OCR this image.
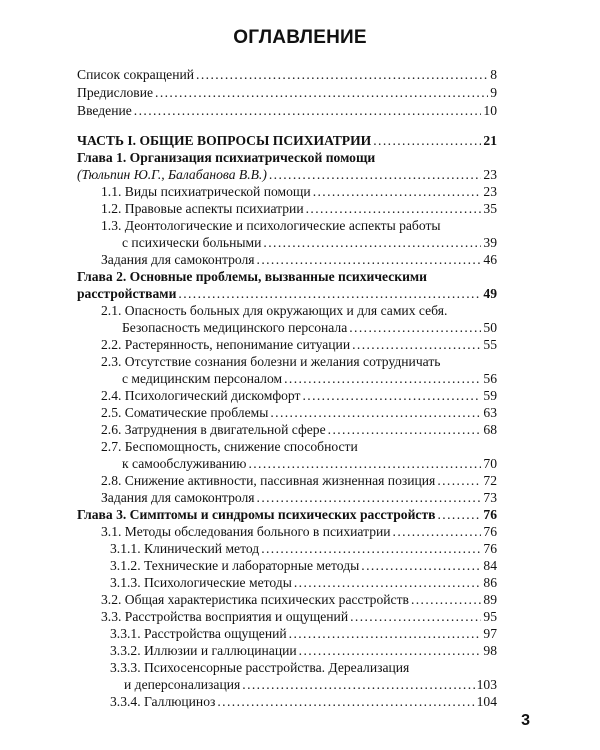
ОГЛАВЛЕНИЕ
Список сокращений . . .	8
Предисловие . . .	9
Введение . . .	10
ЧАСТЬ I. ОБЩИЕ ВОПРОСЫ ПСИХИАТРИИ . . .	21
Глава 1. Организация психиатрической помощи
(Тюльпин Ю.Г., Балабанова В.В.) . . .	23
1.1. Виды психиатрической помощи . . .	23
1.2. Правовые аспекты психиатрии . . .	35
1.3. Деонтологические и психологические аспекты работы
с психически больными . . .	39
Задания для самоконтроля . . .	46
Глава 2. Основные проблемы, вызванные психическими
расстройствами . . .	49
2.1. Опасность больных для окружающих и для самих себя.
Безопасность медицинского персонала . . .	50
2.2. Растерянность, непонимание ситуации . . .	55
2.3. Отсутствие сознания болезни и желания сотрудничать
с медицинским персоналом . . .	56
2.4. Психологический дискомфорт . . .	59
2.5. Соматические проблемы . . .	63
2.6. Затруднения в двигательной сфере . . .	68
2.7. Беспомощность, снижение способности
к самообслуживанию . . .	70
2.8. Снижение активности, пассивная жизненная позиция . . .	72
Задания для самоконтроля . . .	73
Глава 3. Симптомы и синдромы психических расстройств . . .	76
3.1. Методы обследования больного в психиатрии . . .	76
3.1.1. Клинический метод . . .	76
3.1.2. Технические и лабораторные методы . . .	84
3.1.3. Психологические методы . . .	86
3.2. Общая характеристика психических расстройств . . .	89
3.3. Расстройства восприятия и ощущений . . .	95
3.3.1. Расстройства ощущений . . .	97
3.3.2. Иллюзии и галлюцинации . . .	98
3.3.3. Психосенсорные расстройства. Дереализация
и деперсонализация . . .	103
3.3.4. Галлюциноз . . .	104
3
